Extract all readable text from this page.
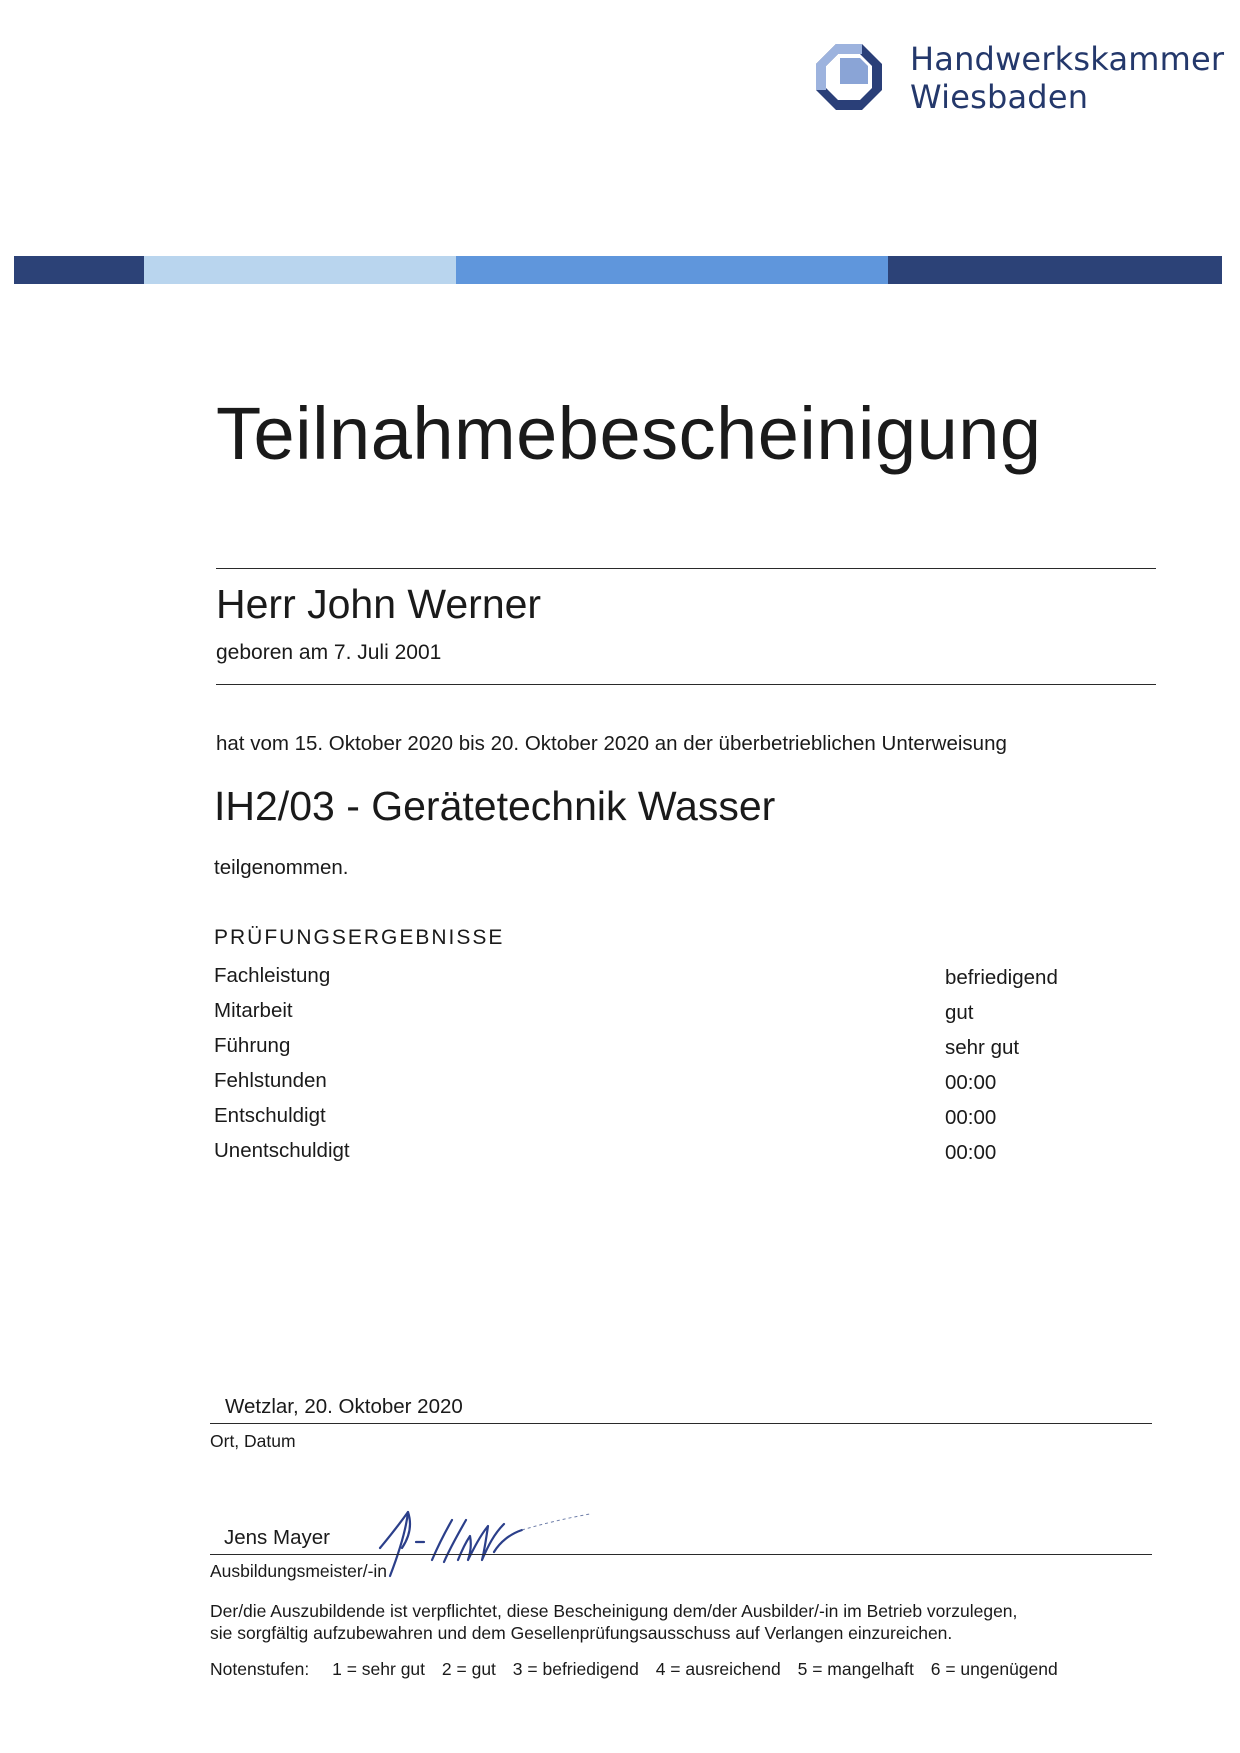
Handwerkskammer
Wiesbaden
Teilnahmebescheinigung
Herr John Werner
geboren am 7. Juli 2001
hat vom 15. Oktober 2020 bis 20. Oktober 2020 an der überbetrieblichen Unterweisung
IH2/03 - Gerätetechnik Wasser
teilgenommen.
PRÜFUNGSERGEBNISSE
Fachleistung	befriedigend
Mitarbeit	gut
Führung	sehr gut
Fehlstunden	00:00
Entschuldigt	00:00
Unentschuldigt	00:00
Wetzlar, 20. Oktober 2020
Ort, Datum
Jens Mayer
Ausbildungsmeister/-in
Der/die Auszubildende ist verpflichtet, diese Bescheinigung dem/der Ausbilder/-in im Betrieb vorzulegen,
sie sorgfältig aufzubewahren und dem Gesellenprüfungsausschuss auf Verlangen einzureichen.
Notenstufen: 1 = sehr gut 2 = gut 3 = befriedigend 4 = ausreichend 5 = mangelhaft 6 = ungenügend
